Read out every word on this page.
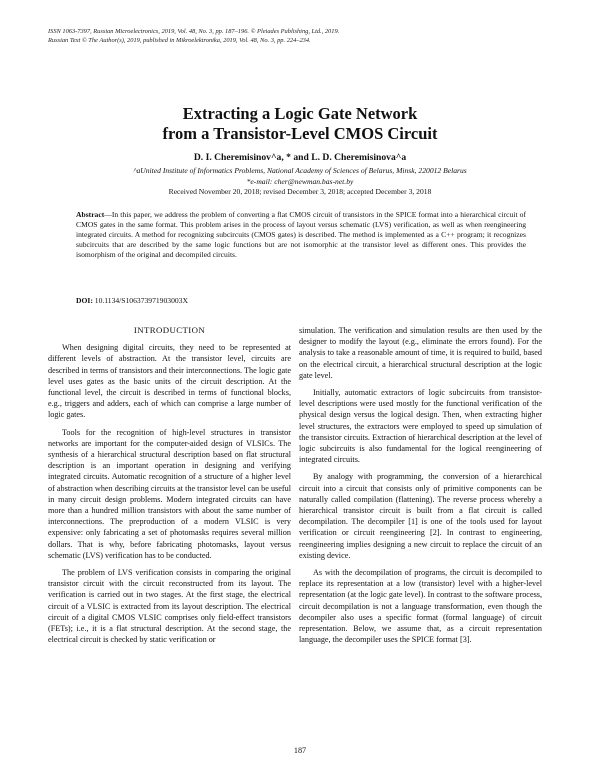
ISSN 1063-7397, Russian Microelectronics, 2019, Vol. 48, No. 3, pp. 187–196. © Pleiades Publishing, Ltd., 2019.
Russian Text © The Author(s), 2019, published in Mikroelektronika, 2019, Vol. 48, No. 3, pp. 224–234.
Extracting a Logic Gate Network
from a Transistor-Level CMOS Circuit
D. I. Cheremisinov^a, * and L. D. Cheremisinova^a
^aUnited Institute of Informatics Problems, National Academy of Sciences of Belarus, Minsk, 220012 Belarus
*e-mail: cher@newman.bas-net.by
Received November 20, 2018; revised December 3, 2018; accepted December 3, 2018
Abstract—In this paper, we address the problem of converting a flat CMOS circuit of transistors in the SPICE format into a hierarchical circuit of CMOS gates in the same format. This problem arises in the process of layout versus schematic (LVS) verification, as well as when reengineering integrated circuits. A method for recognizing subcircuits (CMOS gates) is described. The method is implemented as a C++ program; it recognizes subcircuits that are described by the same logic functions but are not isomorphic at the transistor level as different ones. This provides the isomorphism of the original and decompiled circuits.
DOI: 10.1134/S106373971903003X
INTRODUCTION

When designing digital circuits, they need to be represented at different levels of abstraction. At the transistor level, circuits are described in terms of transistors and their interconnections. The logic gate level uses gates as the basic units of the circuit description. At the functional level, the circuit is described in terms of functional blocks, e.g., triggers and adders, each of which can comprise a large number of logic gates.

Tools for the recognition of high-level structures in transistor networks are important for the computer-aided design of VLSICs. The synthesis of a hierarchical structural description based on flat structural description is an important operation in designing and verifying integrated circuits. Automatic recognition of a structure of a higher level of abstraction when describing circuits at the transistor level can be useful in many circuit design problems. Modern integrated circuits can have more than a hundred million transistors with about the same number of interconnections. The preproduction of a modern VLSIC is very expensive: only fabricating a set of photomasks requires several million dollars. That is why, before fabricating photomasks, layout versus schematic (LVS) verification has to be conducted.

The problem of LVS verification consists in comparing the original transistor circuit with the circuit reconstructed from its layout. The verification is carried out in two stages. At the first stage, the electrical circuit of a VLSIC is extracted from its layout description. The electrical circuit of a digital CMOS VLSIC comprises only field-effect transistors (FETs); i.e., it is a flat structural description. At the second stage, the electrical circuit is checked by static verification or

simulation. The verification and simulation results are then used by the designer to modify the layout (e.g., eliminate the errors found). For the analysis to take a reasonable amount of time, it is required to build, based on the electrical circuit, a hierarchical structural description at the logic gate level.

Initially, automatic extractors of logic subcircuits from transistor-level descriptions were used mostly for the functional verification of the physical design versus the logical design. Then, when extracting higher level structures, the extractors were employed to speed up simulation of the transistor circuits. Extraction of hierarchical description at the level of logic subcircuits is also fundamental for the logical reengineering of integrated circuits.

By analogy with programming, the conversion of a hierarchical circuit into a circuit that consists only of primitive components can be naturally called compilation (flattening). The reverse process whereby a hierarchical transistor circuit is built from a flat circuit is called decompilation. The decompiler [1] is one of the tools used for layout verification or circuit reengineering [2]. In contrast to engineering, reengineering implies designing a new circuit to replace the circuit of an existing device.

As with the decompilation of programs, the circuit is decompiled to replace its representation at a low (transistor) level with a higher-level representation (at the logic gate level). In contrast to the software process, circuit decompilation is not a language transformation, even though the decompiler also uses a specific format (formal language) of circuit representation. Below, we assume that, as a circuit representation language, the decompiler uses the SPICE format [3].

187
